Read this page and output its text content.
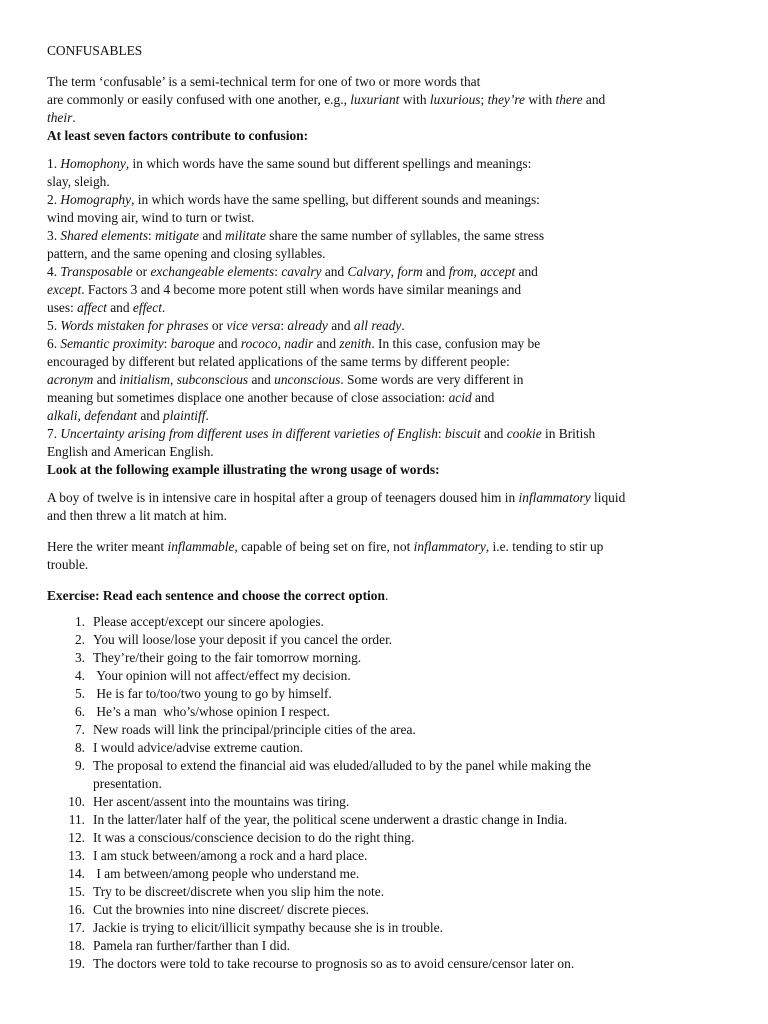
CONFUSABLES

The term ‘confusable’ is a semi-technical term for one of two or more words that
are commonly or easily confused with one another, e.g., luxuriant with luxurious; they’re with there and
their.

At least seven factors contribute to confusion:

1. Homophony, in which words have the same sound but different spellings and meanings:
slay, sleigh.

2. Homography, in which words have the same spelling, but different sounds and meanings:
wind moving air, wind to turn or twist.

3. Shared elements: mitigate and militate share the same number of syllables, the same stress
pattern, and the same opening and closing syllables.

4. Transposable or exchangeable elements: cavalry and Calvary, form and from, accept and
except. Factors 3 and 4 become more potent still when words have similar meanings and
uses: affect and effect.

5. Words mistaken for phrases or vice versa: already and all ready.

6. Semantic proximity: baroque and rococo, nadir and zenith. In this case, confusion may be
encouraged by different but related applications of the same terms by different people:
acronym and initialism, subconscious and unconscious. Some words are very different in
meaning but sometimes displace one another because of close association: acid and
alkali, defendant and plaintiff.

7. Uncertainty arising from different uses in different varieties of English: biscuit and cookie in British
English and American English.

Look at the following example illustrating the wrong usage of words:

A boy of twelve is in intensive care in hospital after a group of teenagers doused him in inflammatory liquid
and then threw a lit match at him.

Here the writer meant inflammable, capable of being set on fire, not inflammatory, i.e. tending to stir up
trouble.

Exercise: Read each sentence and choose the correct option.

1. Please accept/except our sincere apologies.
2. You will loose/lose your deposit if you cancel the order.
3. They’re/their going to the fair tomorrow morning.
4. Your opinion will not affect/effect my decision.
5. He is far to/too/two young to go by himself.
6. He’s a man  who’s/whose opinion I respect.
7. New roads will link the principal/principle cities of the area.
8. I would advice/advise extreme caution.
9. The proposal to extend the financial aid was eluded/alluded to by the panel while making the
presentation.
10. Her ascent/assent into the mountains was tiring.
11. In the latter/later half of the year, the political scene underwent a drastic change in India.
12. It was a conscious/conscience decision to do the right thing.
13. I am stuck between/among a rock and a hard place.
14. I am between/among people who understand me.
15. Try to be discreet/discrete when you slip him the note.
16. Cut the brownies into nine discreet/ discrete pieces.
17. Jackie is trying to elicit/illicit sympathy because she is in trouble.
18. Pamela ran further/farther than I did.
19. The doctors were told to take recourse to prognosis so as to avoid censure/censor later on.
